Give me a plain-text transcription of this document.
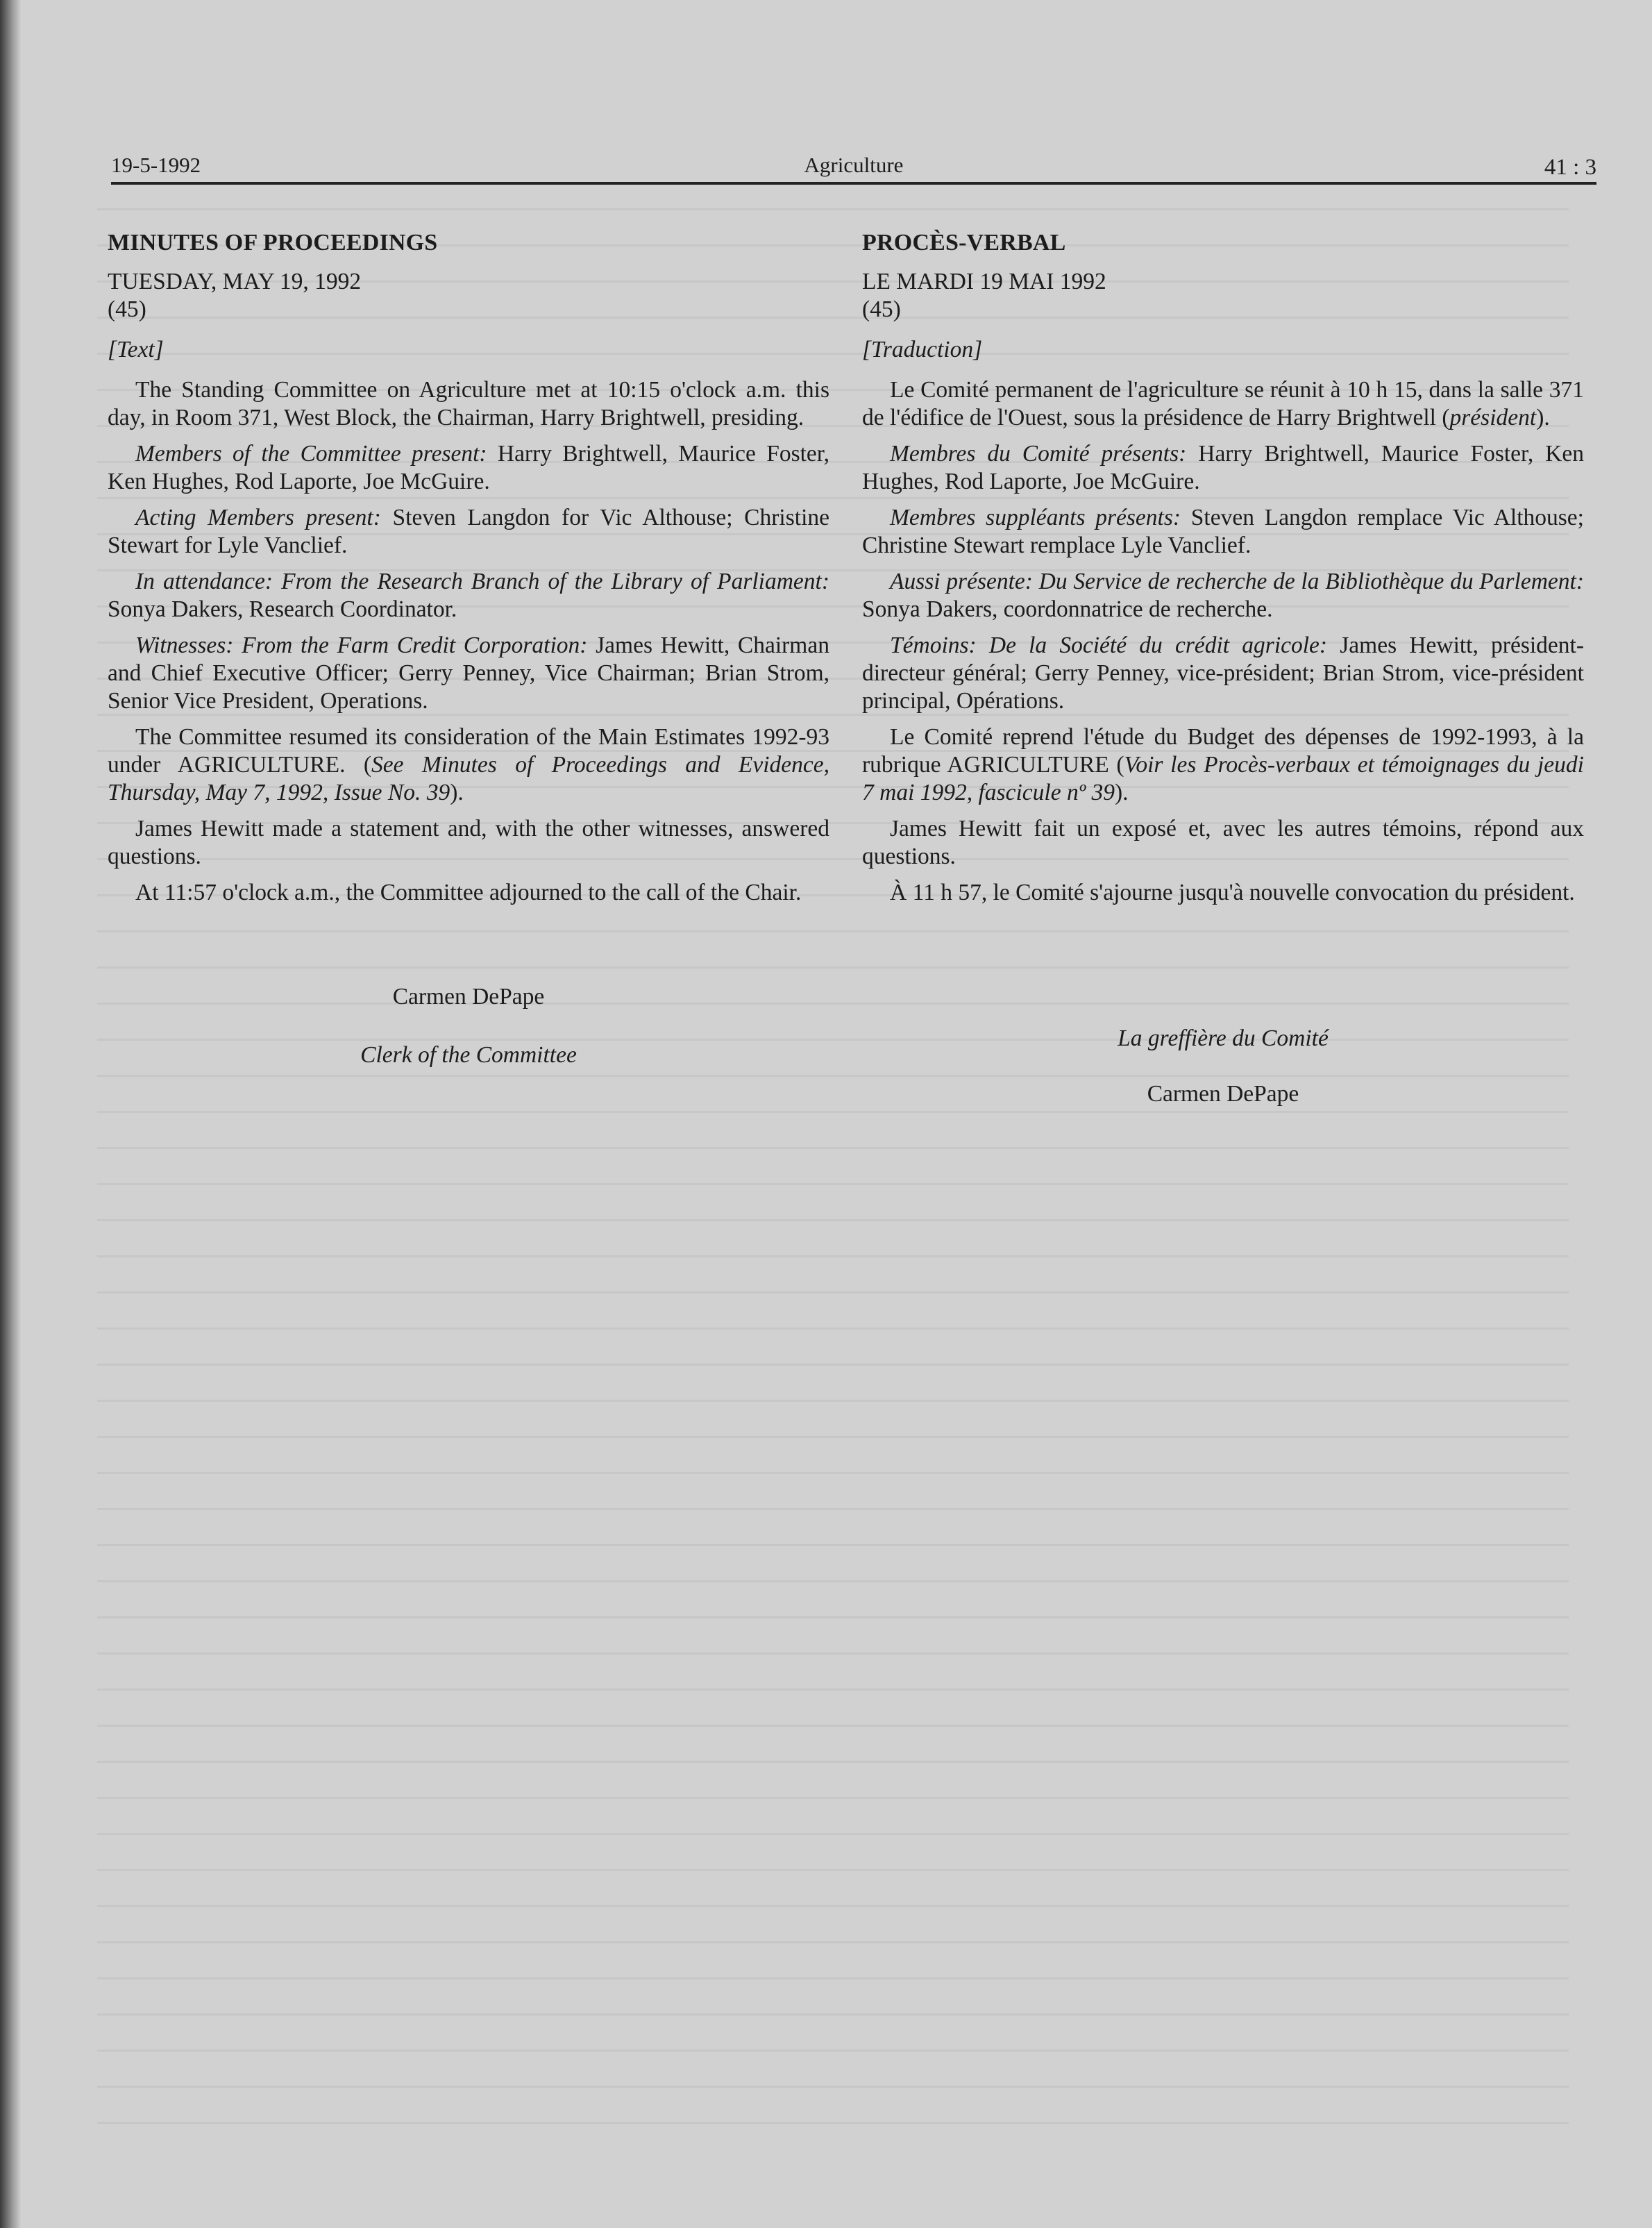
19-5-1992	Agriculture	41 : 3
MINUTES OF PROCEEDINGS

TUESDAY, MAY 19, 1992

(45)

[Text]

The Standing Committee on Agriculture met at 10:15 o'clock a.m. this day, in Room 371, West Block, the Chairman, Harry Brightwell, presiding.

Members of the Committee present: Harry Brightwell, Maurice Foster, Ken Hughes, Rod Laporte, Joe McGuire.

Acting Members present: Steven Langdon for Vic Althouse; Christine Stewart for Lyle Vanclief.

In attendance: From the Research Branch of the Library of Parliament: Sonya Dakers, Research Coordinator.

Witnesses: From the Farm Credit Corporation: James Hewitt, Chairman and Chief Executive Officer; Gerry Penney, Vice Chairman; Brian Strom, Senior Vice President, Operations.

The Committee resumed its consideration of the Main Estimates 1992-93 under AGRICULTURE. (See Minutes of Proceedings and Evidence, Thursday, May 7, 1992, Issue No. 39).

James Hewitt made a statement and, with the other witnesses, answered questions.

At 11:57 o'clock a.m., the Committee adjourned to the call of the Chair.

Carmen DePape

Clerk of the Committee

PROCÈS-VERBAL

LE MARDI 19 MAI 1992

(45)

[Traduction]

Le Comité permanent de l'agriculture se réunit à 10 h 15, dans la salle 371 de l'édifice de l'Ouest, sous la présidence de Harry Brightwell (président).

Membres du Comité présents: Harry Brightwell, Maurice Foster, Ken Hughes, Rod Laporte, Joe McGuire.

Membres suppléants présents: Steven Langdon remplace Vic Althouse; Christine Stewart remplace Lyle Vanclief.

Aussi présente: Du Service de recherche de la Bibliothèque du Parlement: Sonya Dakers, coordonnatrice de recherche.

Témoins: De la Société du crédit agricole: James Hewitt, président-directeur général; Gerry Penney, vice-président; Brian Strom, vice-président principal, Opérations.

Le Comité reprend l'étude du Budget des dépenses de 1992-1993, à la rubrique AGRICULTURE (Voir les Procès-verbaux et témoignages du jeudi 7 mai 1992, fascicule nº 39).

James Hewitt fait un exposé et, avec les autres témoins, répond aux questions.

À 11 h 57, le Comité s'ajourne jusqu'à nouvelle convocation du président.

La greffière du Comité

Carmen DePape
